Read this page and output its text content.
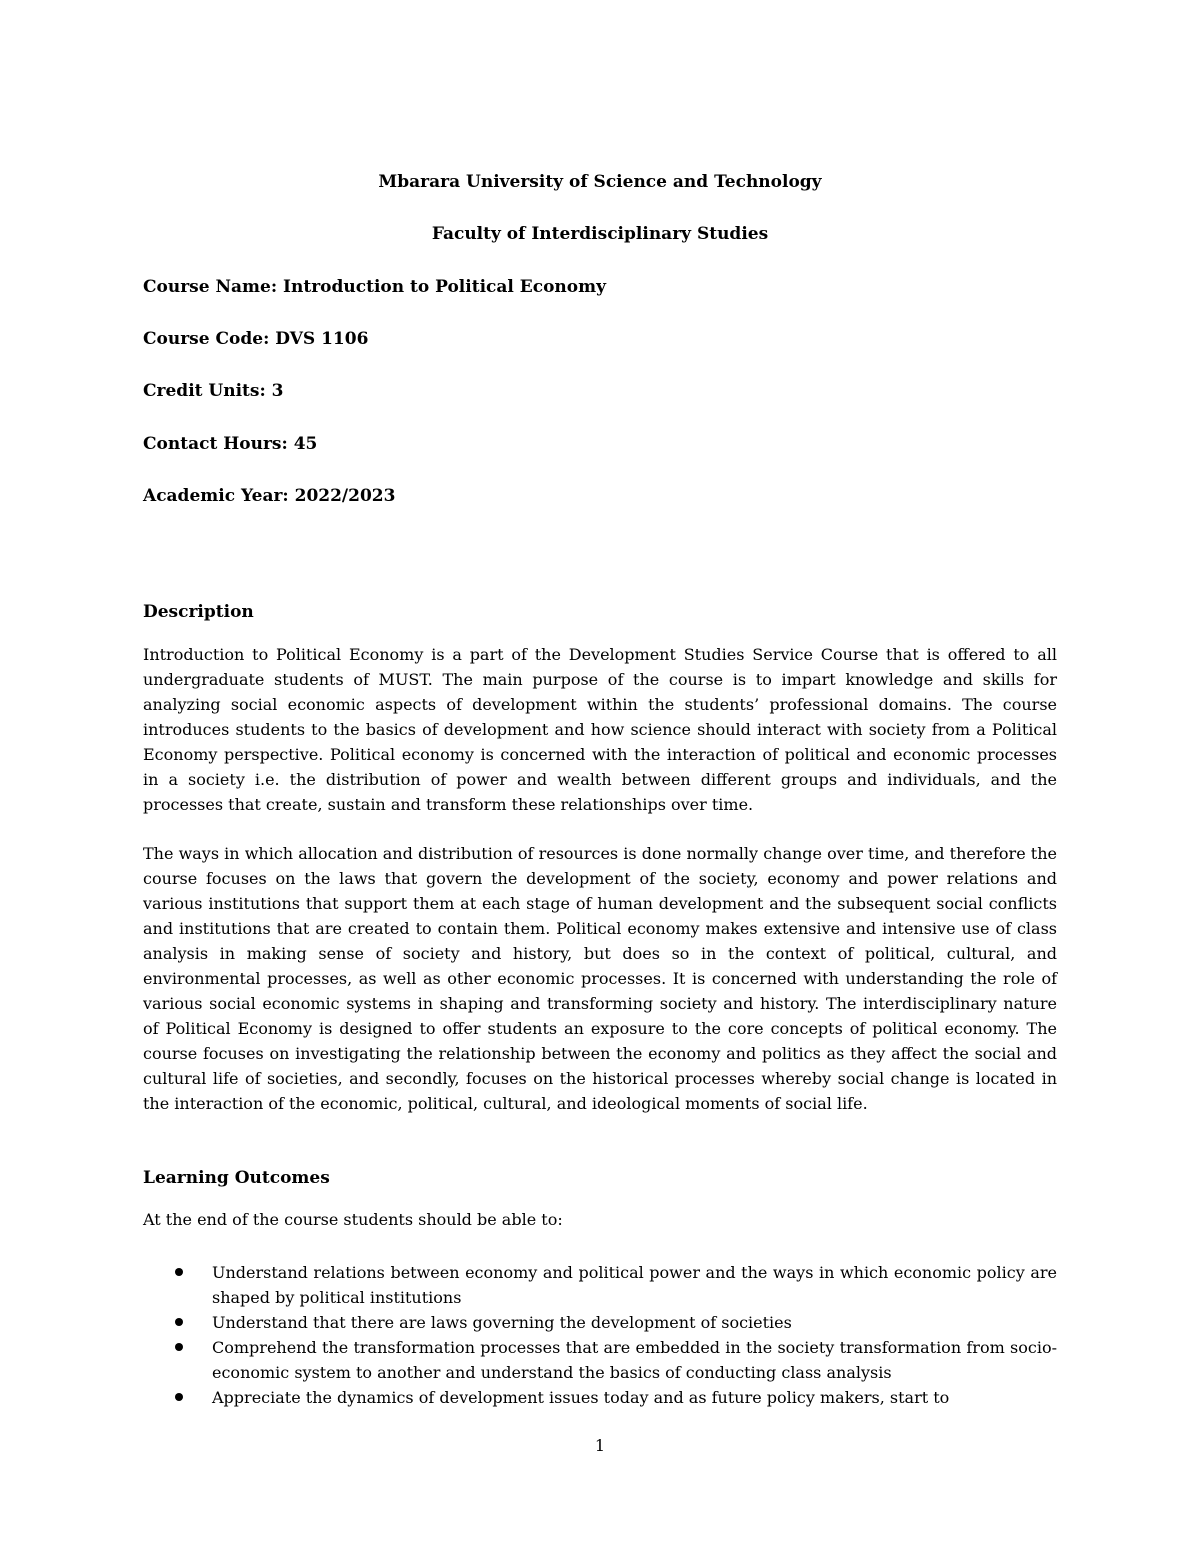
Mbarara University of Science and Technology

Faculty of Interdisciplinary Studies

Course Name: Introduction to Political Economy

Course Code: DVS 1106

Credit Units: 3

Contact Hours: 45

Academic Year: 2022/2023

Description

Introduction to Political Economy is a part of the Development Studies Service Course that is offered to all undergraduate students of MUST. The main purpose of the course is to impart knowledge and skills for analyzing social economic aspects of development within the students’ professional domains. The course introduces students to the basics of development and how science should interact with society from a Political Economy perspective. Political economy is concerned with the interaction of political and economic processes in a society i.e. the distribution of power and wealth between different groups and individuals, and the processes that create, sustain and transform these relationships over time.

The ways in which allocation and distribution of resources is done normally change over time, and therefore the course focuses on the laws that govern the development of the society, economy and power relations and various institutions that support them at each stage of human development and the subsequent social conflicts and institutions that are created to contain them. Political economy makes extensive and intensive use of class analysis in making sense of society and history, but does so in the context of political, cultural, and environmental processes, as well as other economic processes. It is concerned with understanding the role of various social economic systems in shaping and transforming society and history. The interdisciplinary nature of Political Economy is designed to offer students an exposure to the core concepts of political economy. The course focuses on investigating the relationship between the economy and politics as they affect the social and cultural life of societies, and secondly, focuses on the historical processes whereby social change is located in the interaction of the economic, political, cultural, and ideological moments of social life.

Learning Outcomes

At the end of the course students should be able to:

Understand relations between economy and political power and the ways in which economic policy are shaped by political institutions
Understand that there are laws governing the development of societies
Comprehend the transformation processes that are embedded in the society transformation from socio-economic system to another and understand the basics of conducting class analysis
Appreciate the dynamics of development issues today and as future policy makers, start to

1
